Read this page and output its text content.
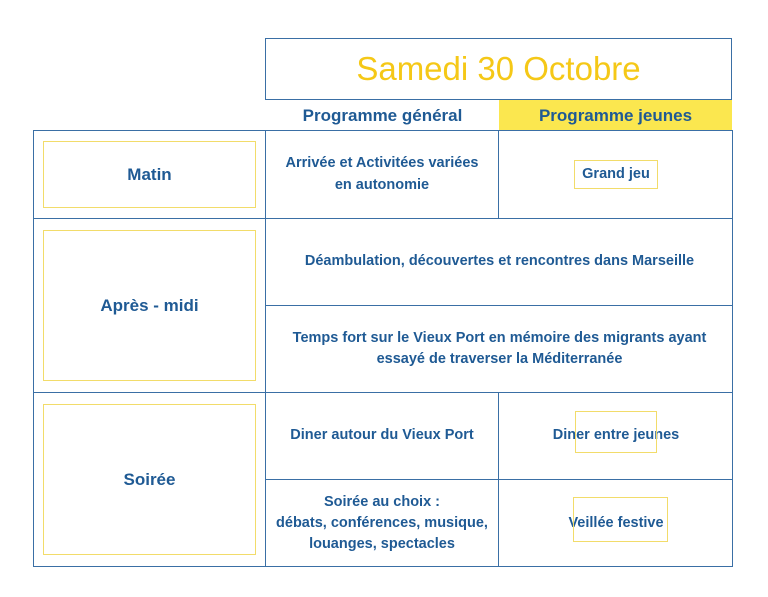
Samedi 30 Octobre
Programme général	Programme jeunes
Matin
Après - midi
Soirée
Arrivée et Activitées variées
en autonomie
Grand jeu
Déambulation, découvertes et rencontres dans Marseille
Temps fort sur le Vieux Port en mémoire des migrants ayant
essayé de traverser la Méditerranée
Diner autour du Vieux Port	Diner entre jeunes
Soirée au choix :
débats, conférences, musique,
louanges, spectacles
Veillée festive
